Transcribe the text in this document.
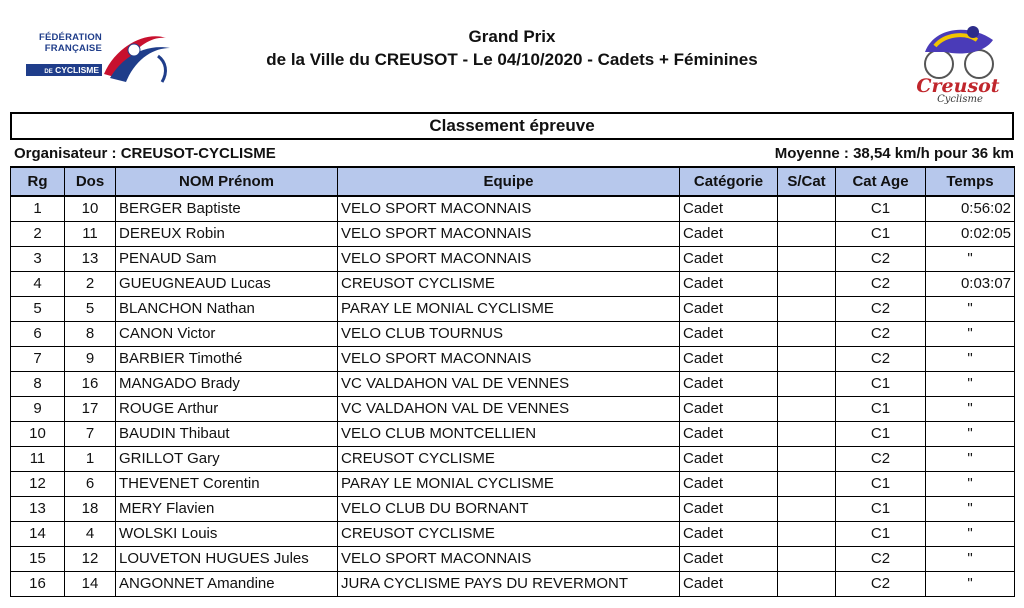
FÉDÉRATION
FRANÇAISE
DE CYCLISME
Grand Prix
de la Ville du CREUSOT - Le 04/10/2020 - Cadets + Féminines
Creusot
Cyclisme
Classement épreuve
Organisateur : CREUSOT-CYCLISME	Moyenne : 38,54 km/h pour 36 km
Rg	Dos	NOM Prénom	Equipe	Catégorie	S/Cat	Cat Age	Temps
1	10	BERGER Baptiste	VELO SPORT MACONNAIS	Cadet		C1	0:56:02
2	11	DEREUX Robin	VELO SPORT MACONNAIS	Cadet		C1	0:02:05
3	13	PENAUD Sam	VELO SPORT MACONNAIS	Cadet		C2	"
4	2	GUEUGNEAUD Lucas	CREUSOT CYCLISME	Cadet		C2	0:03:07
5	5	BLANCHON Nathan	PARAY LE MONIAL CYCLISME	Cadet		C2	"
6	8	CANON Victor	VELO CLUB TOURNUS	Cadet		C2	"
7	9	BARBIER Timothé	VELO SPORT MACONNAIS	Cadet		C2	"
8	16	MANGADO Brady	VC VALDAHON VAL DE VENNES	Cadet		C1	"
9	17	ROUGE Arthur	VC VALDAHON VAL DE VENNES	Cadet		C1	"
10	7	BAUDIN Thibaut	VELO CLUB MONTCELLIEN	Cadet		C1	"
11	1	GRILLOT Gary	CREUSOT CYCLISME	Cadet		C2	"
12	6	THEVENET Corentin	PARAY LE MONIAL CYCLISME	Cadet		C1	"
13	18	MERY Flavien	VELO CLUB DU BORNANT	Cadet		C1	"
14	4	WOLSKI Louis	CREUSOT CYCLISME	Cadet		C1	"
15	12	LOUVETON HUGUES Jules	VELO SPORT MACONNAIS	Cadet		C2	"
16	14	ANGONNET Amandine	JURA CYCLISME PAYS DU REVERMONT	Cadet		C2	"
